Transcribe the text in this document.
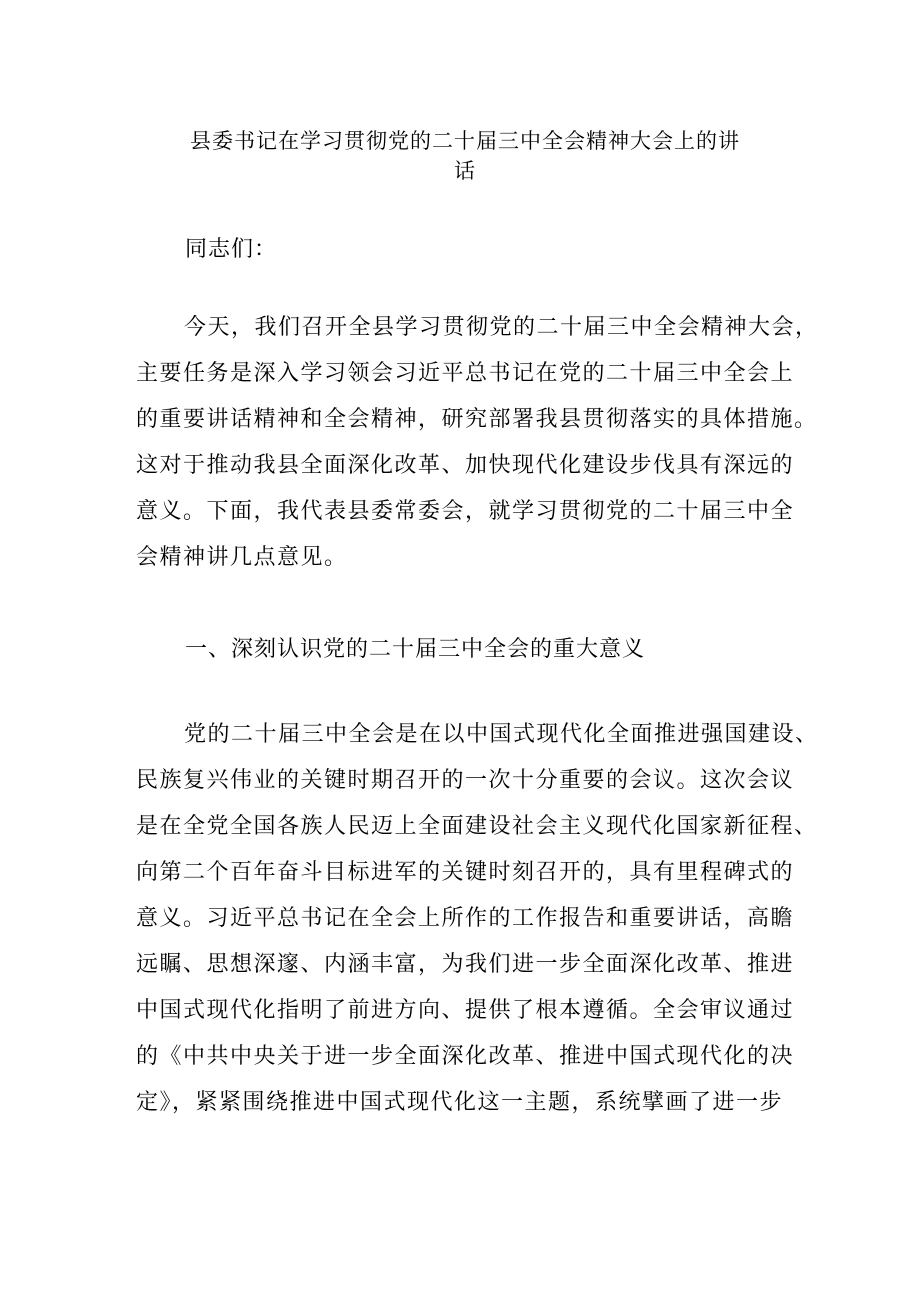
县委书记在学习贯彻党的二十届三中全会精神大会上的讲
话
同志们：
今天，我们召开全县学习贯彻党的二十届三中全会精神大会，
主要任务是深入学习领会习近平总书记在党的二十届三中全会上
的重要讲话精神和全会精神，研究部署我县贯彻落实的具体措施。
这对于推动我县全面深化改革、加快现代化建设步伐具有深远的
意义。下面，我代表县委常委会，就学习贯彻党的二十届三中全
会精神讲几点意见。
一、深刻认识党的二十届三中全会的重大意义
党的二十届三中全会是在以中国式现代化全面推进强国建设、
民族复兴伟业的关键时期召开的一次十分重要的会议。这次会议
是在全党全国各族人民迈上全面建设社会主义现代化国家新征程、
向第二个百年奋斗目标进军的关键时刻召开的，具有里程碑式的
意义。习近平总书记在全会上所作的工作报告和重要讲话，高瞻
远瞩、思想深邃、内涵丰富，为我们进一步全面深化改革、推进
中国式现代化指明了前进方向、提供了根本遵循。全会审议通过
的《中共中央关于进一步全面深化改革、推进中国式现代化的决
定》，紧紧围绕推进中国式现代化这一主题，系统擘画了进一步
